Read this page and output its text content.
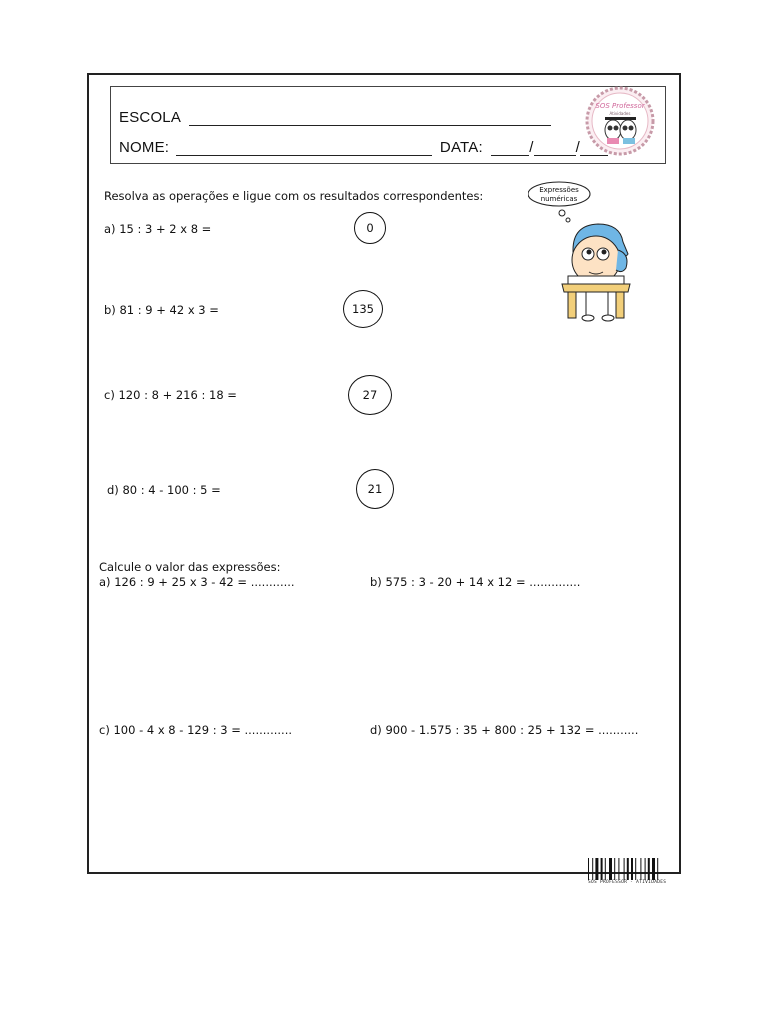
ESCOLA
NOME:	DATA:	/	/
SOS Professor
Atividades
Expressões
numéricas
Resolva as operações e ligue com os resultados correspondentes:
a) 15 : 3 + 2 x 8 =	0
b) 81 : 9 + 42 x 3 =	135
c) 120 : 8 + 216 : 18 =	27
d) 80 : 4 - 100 : 5 =	21
Calcule o valor das expressões:
a) 126 : 9 + 25 x 3 - 42 = ............	b) 575 : 3 - 20 + 14 x 12 = ..............
c) 100 - 4 x 8 - 129 : 3 = .............	d) 900 - 1.575 : 35 + 800 : 25 + 132 = ...........
SOS PROFESSOR - ATIVIDADES
